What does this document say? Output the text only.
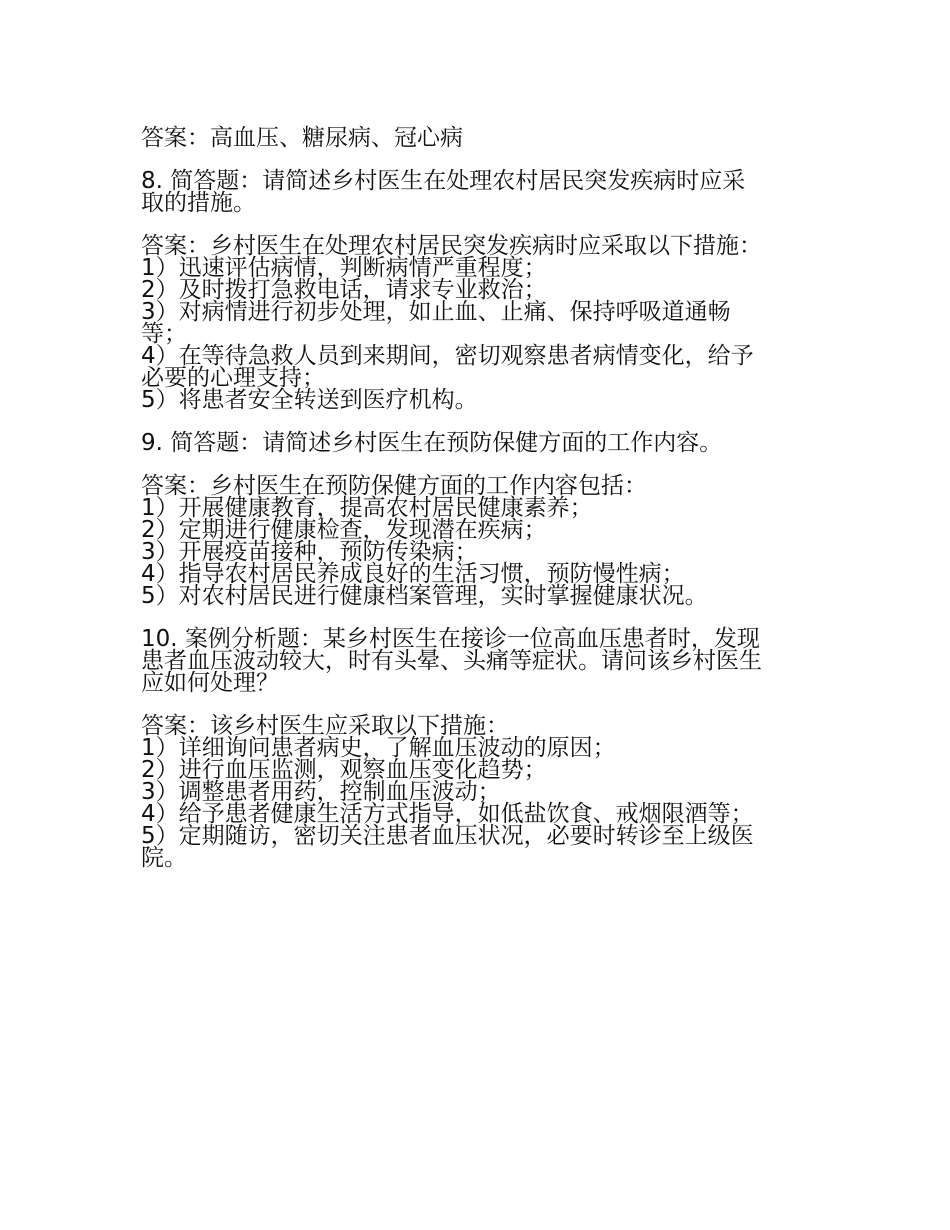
答案：高血压、糖尿病、冠心病
8. 简答题：请简述乡村医生在处理农村居民突发疾病时应采
取的措施。
答案：乡村医生在处理农村居民突发疾病时应采取以下措施：
1）迅速评估病情，判断病情严重程度；
2）及时拨打急救电话，请求专业救治；
3）对病情进行初步处理，如止血、止痛、保持呼吸道通畅
等；
4）在等待急救人员到来期间，密切观察患者病情变化，给予
必要的心理支持；
5）将患者安全转送到医疗机构。
9. 简答题：请简述乡村医生在预防保健方面的工作内容。
答案：乡村医生在预防保健方面的工作内容包括：
1）开展健康教育，提高农村居民健康素养；
2）定期进行健康检查，发现潜在疾病；
3）开展疫苗接种，预防传染病；
4）指导农村居民养成良好的生活习惯，预防慢性病；
5）对农村居民进行健康档案管理，实时掌握健康状况。
10. 案例分析题：某乡村医生在接诊一位高血压患者时，发现
患者血压波动较大，时有头晕、头痛等症状。请问该乡村医生
应如何处理？
答案：该乡村医生应采取以下措施：
1）详细询问患者病史，了解血压波动的原因；
2）进行血压监测，观察血压变化趋势；
3）调整患者用药，控制血压波动；
4）给予患者健康生活方式指导，如低盐饮食、戒烟限酒等；
5）定期随访，密切关注患者血压状况，必要时转诊至上级医
院。
